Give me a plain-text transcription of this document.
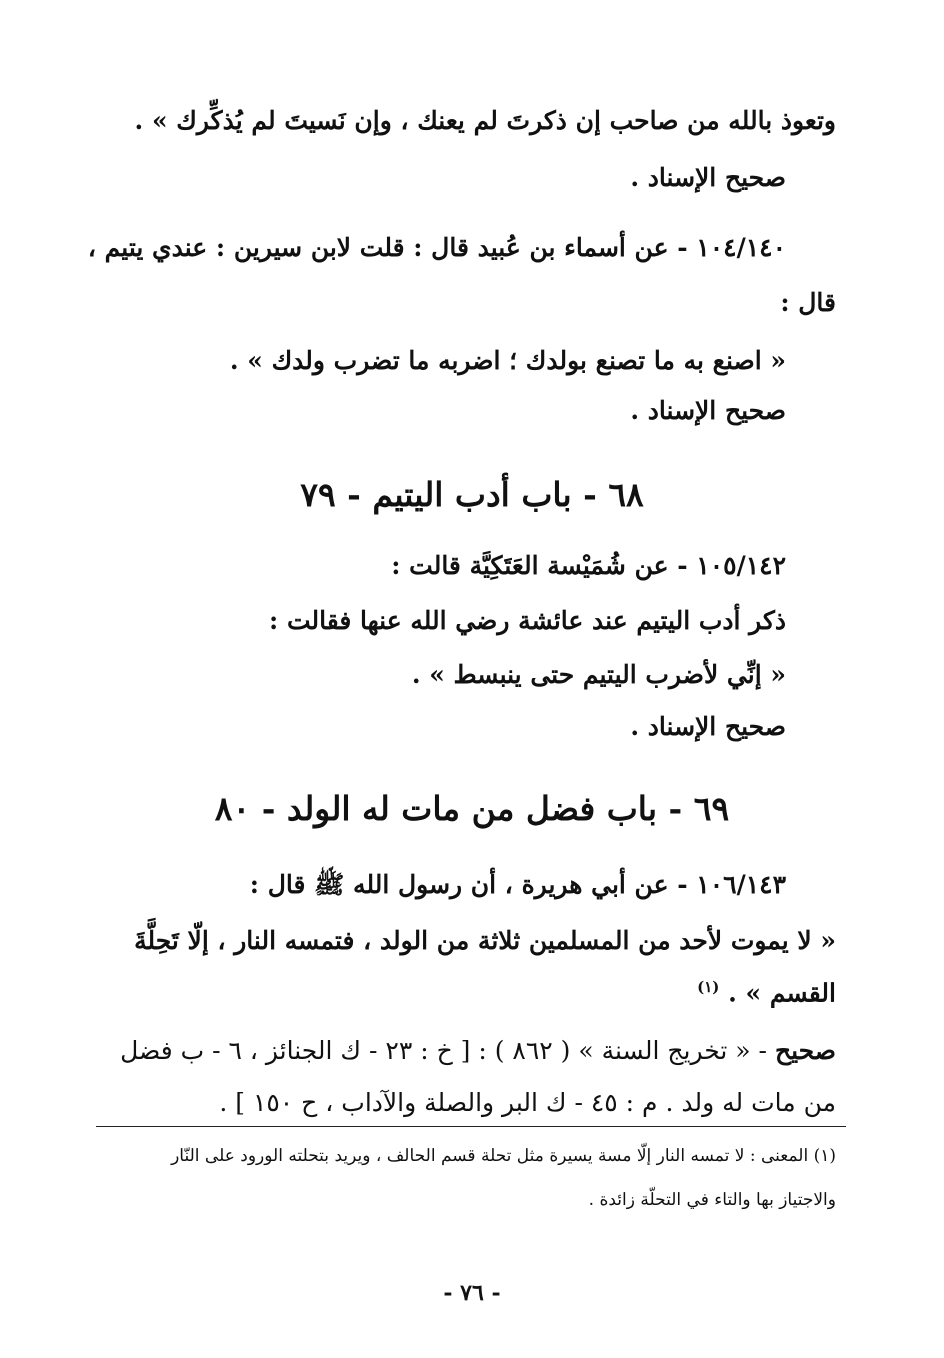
وتعوذ بالله من صاحب إن ذكرتَ لم يعنك ، وإن نَسيتَ لم يُذكِّرك » .
صحيح الإسناد .
١٠٤/١٤٠ - عن أسماء بن عُبيد قال : قلت لابن سيرين : عندي يتيم ،
قال :
« اصنع به ما تصنع بولدك ؛ اضربه ما تضرب ولدك » .
صحيح الإسناد .
٦٨ - باب أدب اليتيم - ٧٩
١٠٥/١٤٢ - عن شُمَيْسة العَتَكِيَّة قالت :
ذكر أدب اليتيم عند عائشة رضي الله عنها فقالت :
« إنِّي لأضرب اليتيم حتى ينبسط » .
صحيح الإسناد .
٦٩ - باب فضل من مات له الولد - ٨٠
١٠٦/١٤٣ - عن أبي هريرة ، أن رسول الله ﷺ قال :
« لا يموت لأحد من المسلمين ثلاثة من الولد ، فتمسه النار ، إلّا تَحِلَّةَ
القسم » . $^{(١)}$
صحيح - « تخريج السنة » ( ٨٦٢ ) : [ خ : ٢٣ - ك الجنائز ، ٦ - ب فضل
من مات له ولد . م : ٤٥ - ك البر والصلة والآداب ، ح ١٥٠ ] .
(١) المعنى : لا تمسه النار إلّا مسة يسيرة مثل تحلة قسم الحالف ، ويريد بتحلته الورود على النّار
والاجتياز بها والتاء في التحلّة زائدة .
- ٧٦ -
